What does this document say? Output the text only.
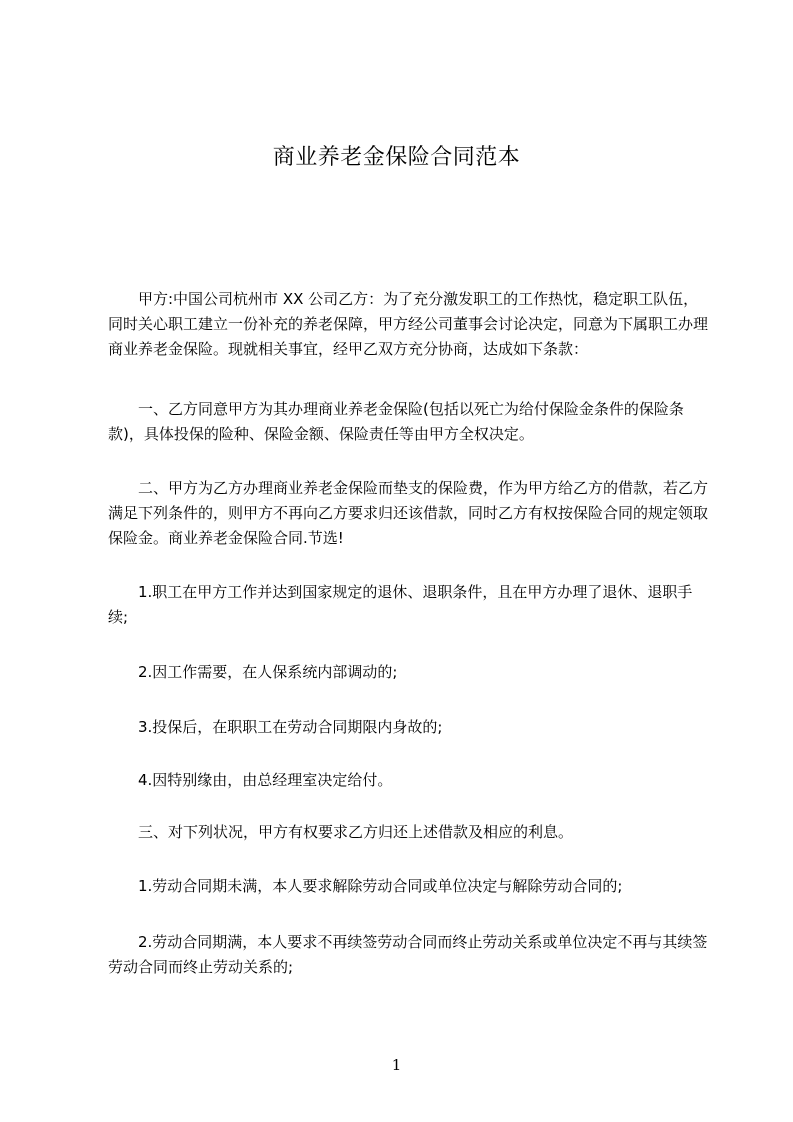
商业养老金保险合同范本

甲方:中国公司杭州市 XX 公司乙方：为了充分激发职工的工作热忱，稳定职工队伍，同时关心职工建立一份补充的养老保障，甲方经公司董事会讨论决定，同意为下属职工办理商业养老金保险。现就相关事宜，经甲乙双方充分协商，达成如下条款：

一、乙方同意甲方为其办理商业养老金保险(包括以死亡为给付保险金条件的保险条款)，具体投保的险种、保险金额、保险责任等由甲方全权决定。

二、甲方为乙方办理商业养老金保险而垫支的保险费，作为甲方给乙方的借款，若乙方满足下列条件的，则甲方不再向乙方要求归还该借款，同时乙方有权按保险合同的规定领取保险金。商业养老金保险合同.节选!

1.职工在甲方工作并达到国家规定的退休、退职条件，且在甲方办理了退休、退职手续;

2.因工作需要，在人保系统内部调动的;

3.投保后，在职职工在劳动合同期限内身故的;

4.因特别缘由，由总经理室决定给付。

三、对下列状况，甲方有权要求乙方归还上述借款及相应的利息。

1.劳动合同期未满，本人要求解除劳动合同或单位决定与解除劳动合同的;

2.劳动合同期满，本人要求不再续签劳动合同而终止劳动关系或单位决定不再与其续签劳动合同而终止劳动关系的;

1
